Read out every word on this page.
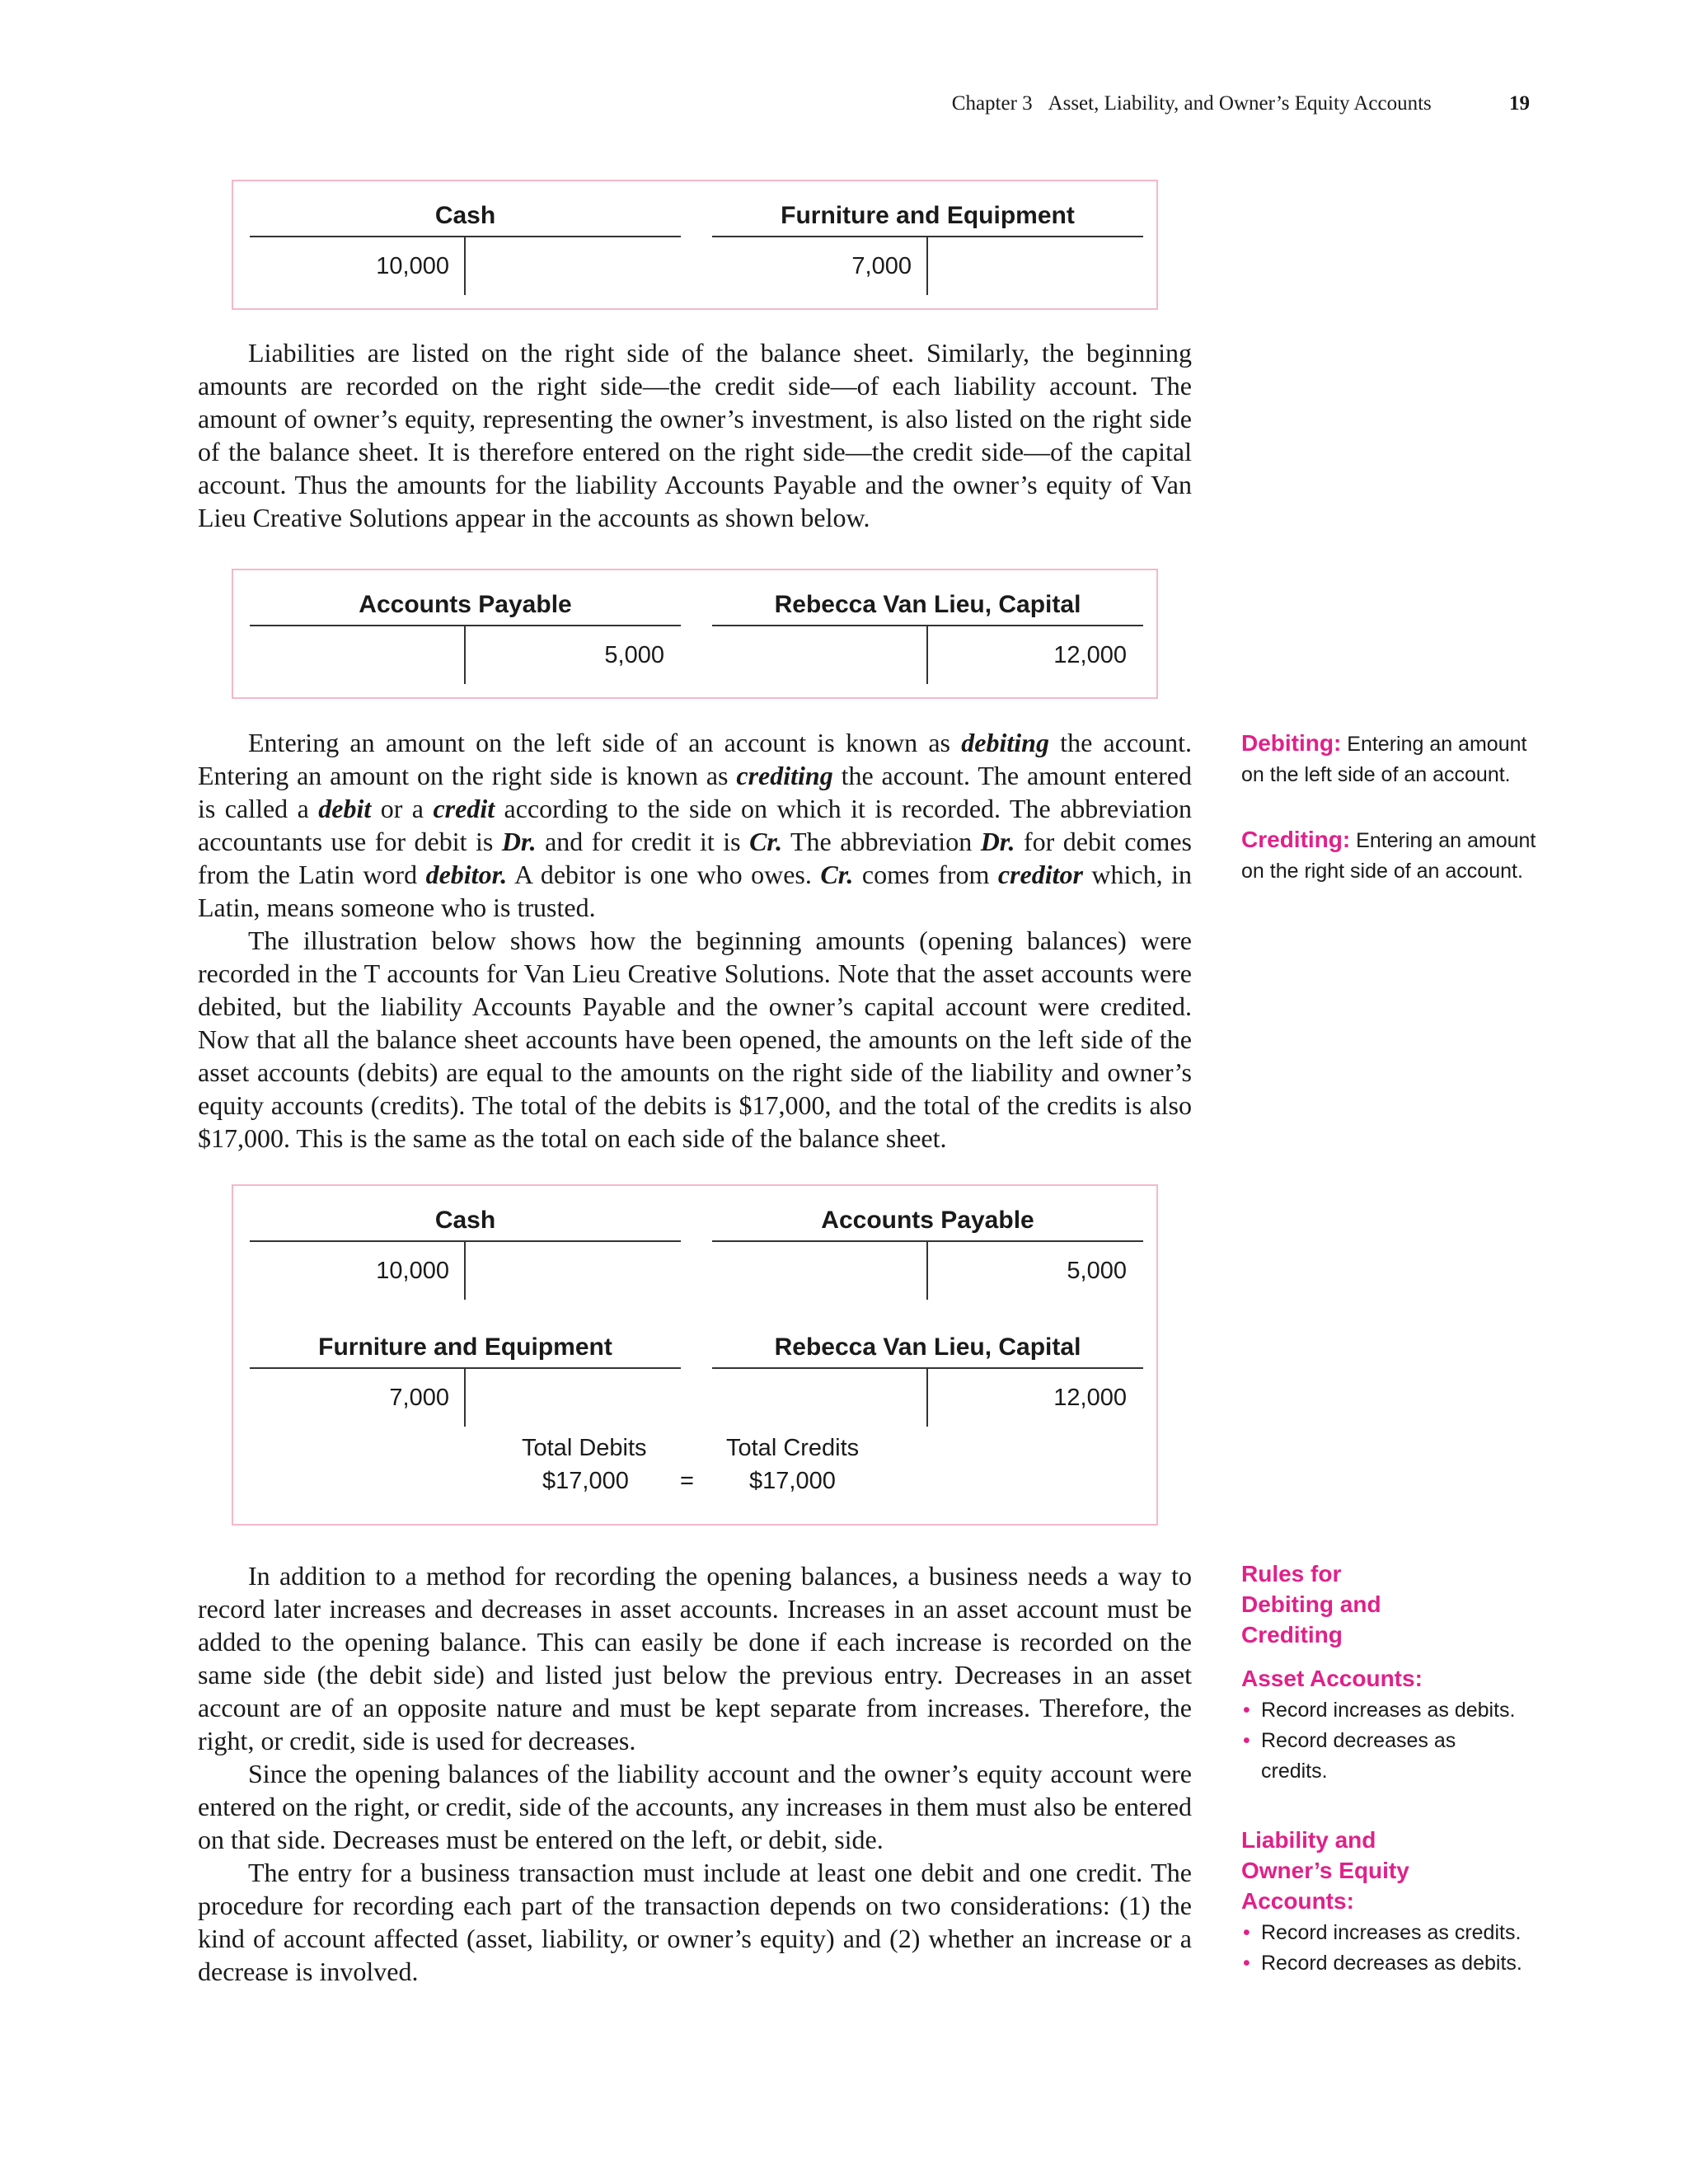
Chapter 3 Asset, Liability, and Owner’s Equity Accounts	19
Cash
10,000
Furniture and Equipment
7,000

Liabilities are listed on the right side of the balance sheet. Similarly, the beginning amounts are recorded on the right side—the credit side—of each liability account. The amount of owner’s equity, representing the owner’s investment, is also listed on the right side of the balance sheet. It is therefore entered on the right side—the credit side—of the capital account. Thus the amounts for the liability Accounts Payable and the owner’s equity of Van Lieu Creative Solutions appear in the accounts as shown below.

Accounts Payable
5,000
Rebecca Van Lieu, Capital
12,000

Entering an amount on the left side of an account is known as debiting the account. Entering an amount on the right side is known as crediting the account. The amount entered is called a debit or a credit according to the side on which it is recorded. The abbreviation accountants use for debit is Dr. and for credit it is Cr. The abbreviation Dr. for debit comes from the Latin word debitor. A debitor is one who owes. Cr. comes from creditor which, in Latin, means someone who is trusted.

The illustration below shows how the beginning amounts (opening balances) were recorded in the T accounts for Van Lieu Creative Solutions. Note that the asset accounts were debited, but the liability Accounts Payable and the owner’s capital account were credited. Now that all the balance sheet accounts have been opened, the amounts on the left side of the asset accounts (debits) are equal to the amounts on the right side of the liability and owner’s equity accounts (credits). The total of the debits is $17,000, and the total of the credits is also $17,000. This is the same as the total on each side of the balance sheet.

Cash
10,000
Accounts Payable
5,000
Furniture and Equipment
7,000
Rebecca Van Lieu, Capital
12,000
Total Debits
$17,000 =
Total Credits
$17,000

In addition to a method for recording the opening balances, a business needs a way to record later increases and decreases in asset accounts. Increases in an asset account must be added to the opening balance. This can easily be done if each increase is recorded on the same side (the debit side) and listed just below the previous entry. Decreases in an asset account are of an opposite nature and must be kept separate from increases. Therefore, the right, or credit, side is used for decreases.

Since the opening balances of the liability account and the owner’s equity account were entered on the right, or credit, side of the accounts, any increases in them must also be entered on that side. Decreases must be entered on the left, or debit, side.

The entry for a business transaction must include at least one debit and one credit. The procedure for recording each part of the transaction depends on two considerations: (1) the kind of account affected (asset, liability, or owner’s equity) and (2) whether an increase or a decrease is involved.

Debiting: Entering an amount on the left side of an account.
Crediting: Entering an amount on the right side of an account.
Rules for Debiting and Crediting
Asset Accounts:
• Record increases as debits.
• Record decreases as credits.
Liability and Owner’s Equity Accounts:
• Record increases as credits.
• Record decreases as debits.
